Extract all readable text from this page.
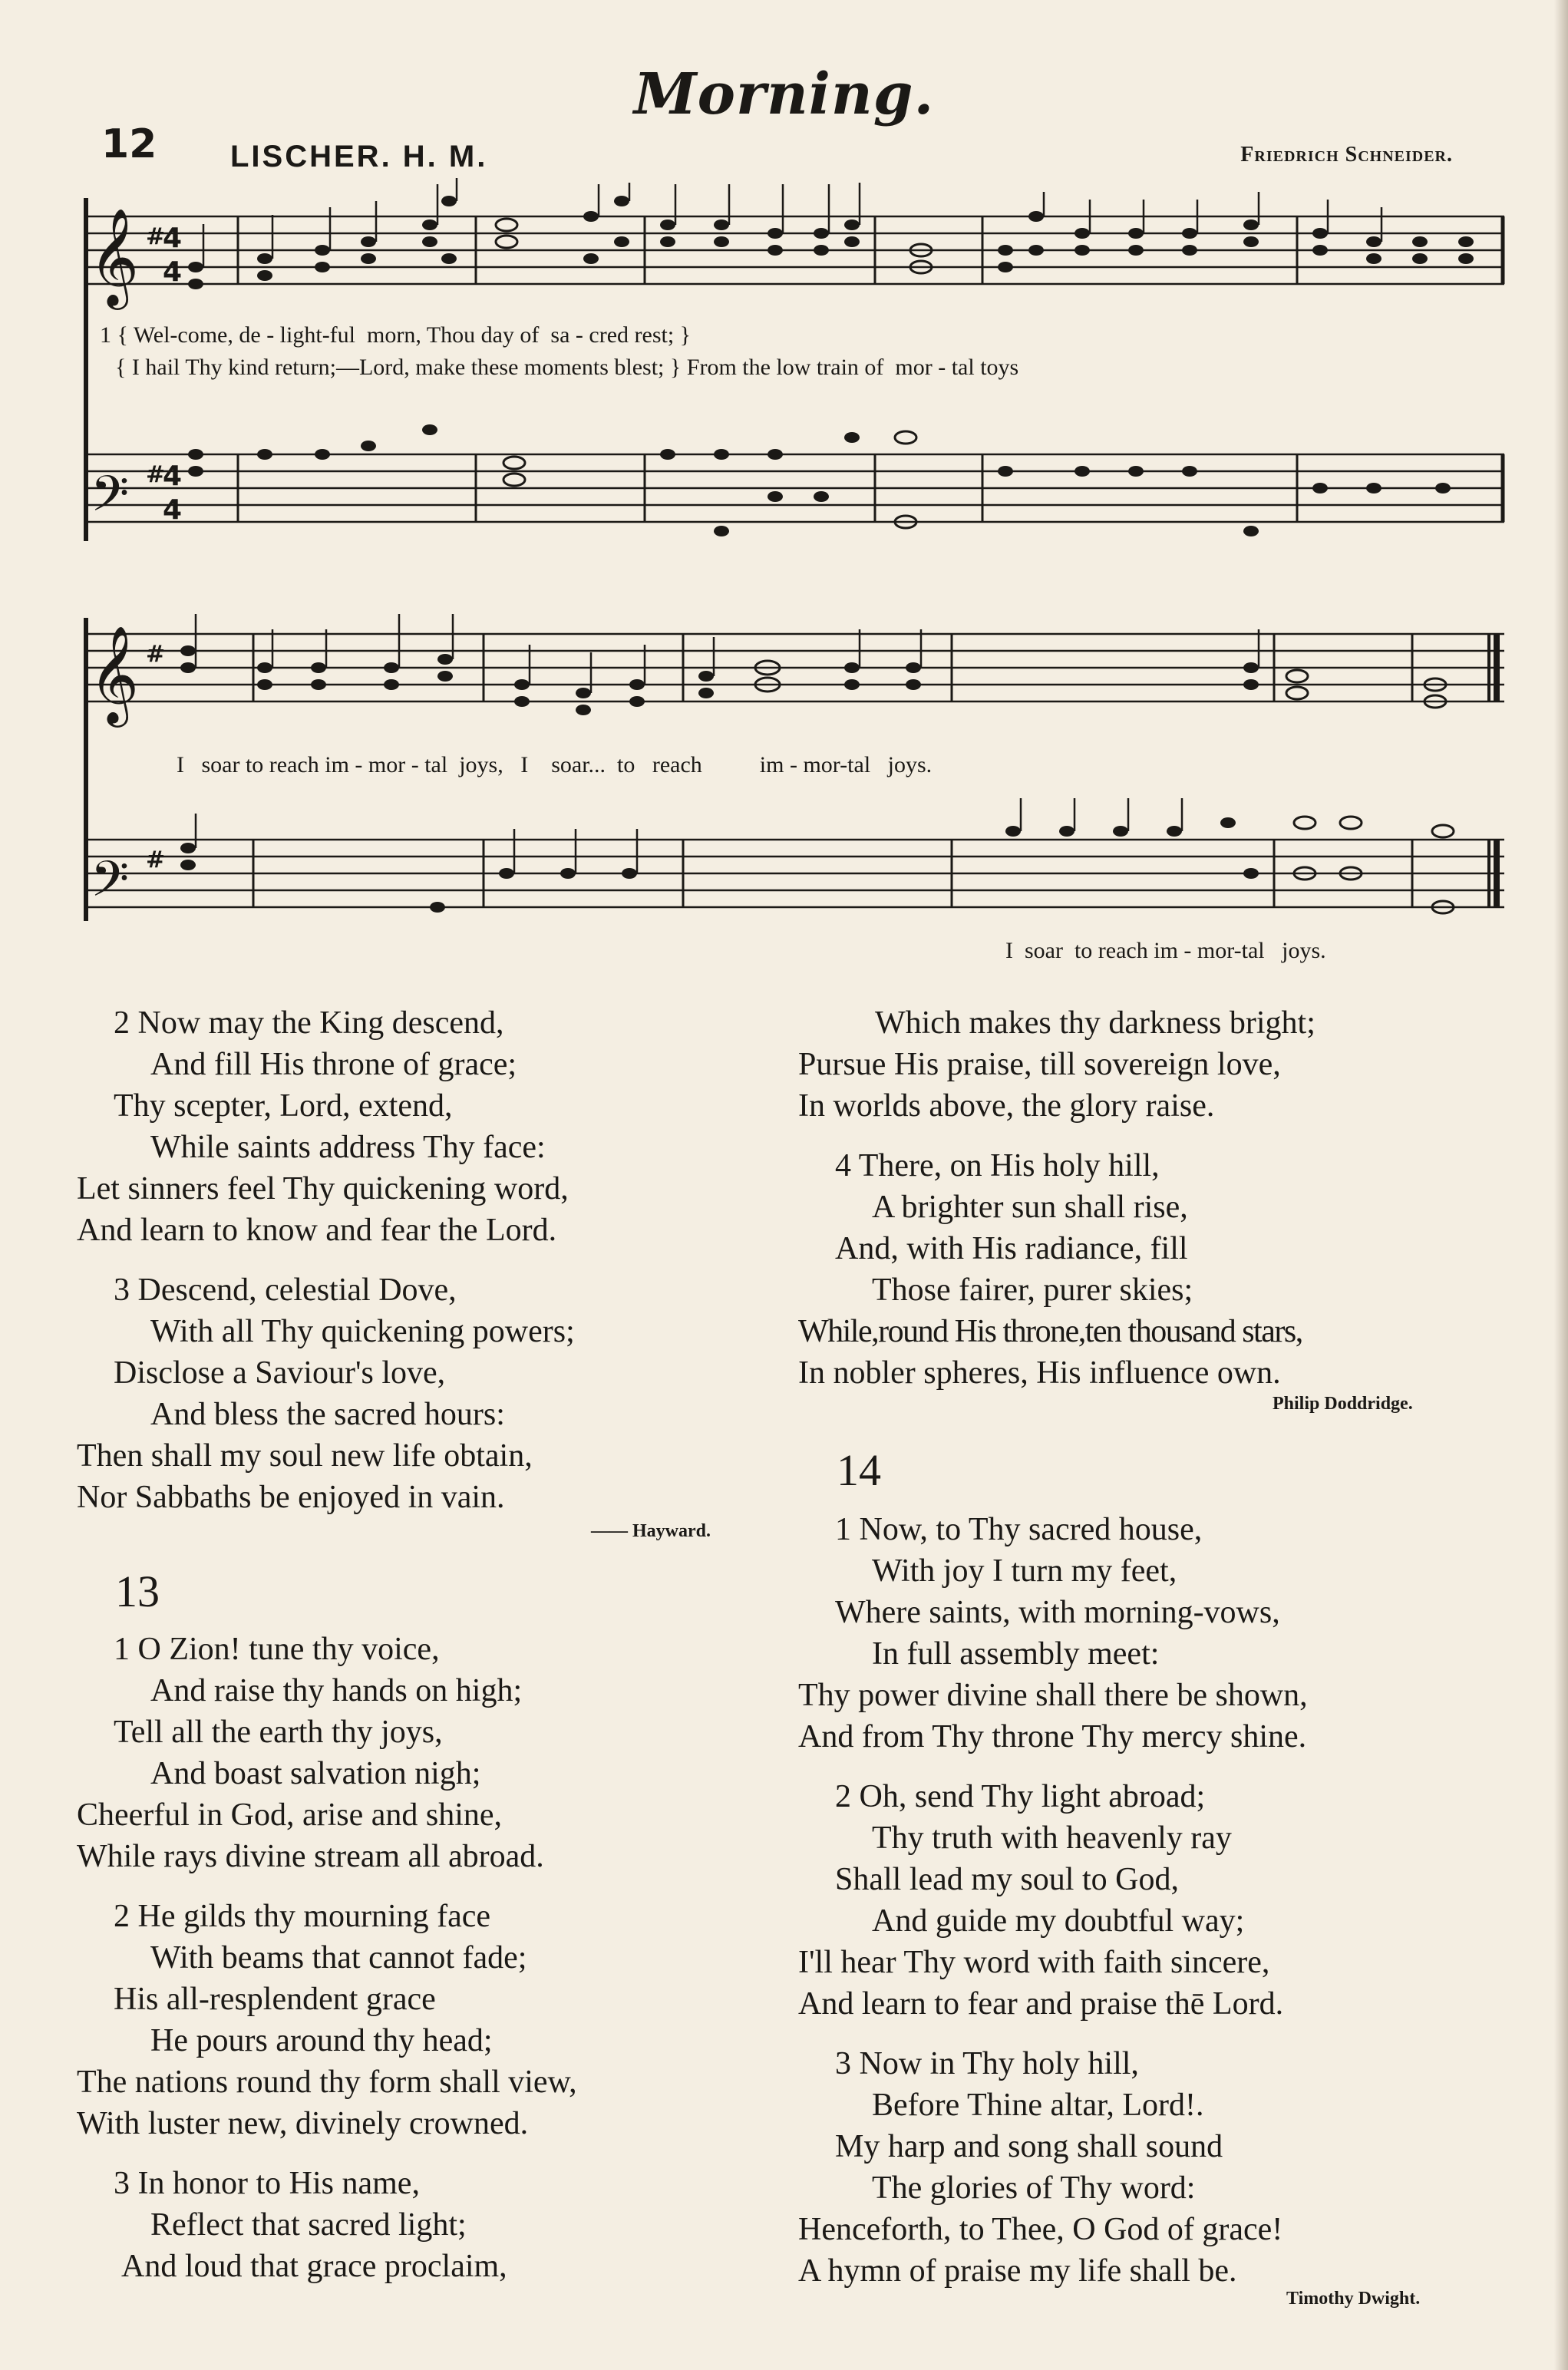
Morning.
12 LISCHER. H. M.	Friedrich Schneider.
𝄞
𝄞
𝄢
𝄢
#
#
#
#
4
4
4
4
1 { Wel-come, de - light-ful  morn, Thou day of  sa - cred rest; }
{ I hail Thy kind return;—Lord, make these moments blest; } From the low train of  mor - tal toys
I   soar to reach im - mor - tal  joys,   I    soar...  to   reach          im - mor-tal   joys.
I  soar  to reach im - mor-tal   joys.
2 Now may the King descend,
And fill His throne of grace;
Thy scepter, Lord, extend,
While saints address Thy face:
Let sinners feel Thy quickening word,
And learn to know and fear the Lord.
3 Descend, celestial Dove,
With all Thy quickening powers;
Disclose a Saviour's love,
And bless the sacred hours:
Then shall my soul new life obtain,
Nor Sabbaths be enjoyed in vain.
—— Hayward.
13
1 O Zion! tune thy voice,
And raise thy hands on high;
Tell all the earth thy joys,
And boast salvation nigh;
Cheerful in God, arise and shine,
While rays divine stream all abroad.
2 He gilds thy mourning face
With beams that cannot fade;
His all-resplendent grace
He pours around thy head;
The nations round thy form shall view,
With luster new, divinely crowned.
3 In honor to His name,
Reflect that sacred light;
And loud that grace proclaim,
Which makes thy darkness bright;
Pursue His praise, till sovereign love,
In worlds above, the glory raise.
4 There, on His holy hill,
A brighter sun shall rise,
And, with His radiance, fill
Those fairer, purer skies;
While,round His throne,ten thousand stars,
In nobler spheres, His influence own.
Philip Doddridge.
14
1 Now, to Thy sacred house,
With joy I turn my feet,
Where saints, with morning-vows,
In full assembly meet:
Thy power divine shall there be shown,
And from Thy throne Thy mercy shine.
2 Oh, send Thy light abroad;
Thy truth with heavenly ray
Shall lead my soul to God,
And guide my doubtful way;
I'll hear Thy word with faith sincere,
And learn to fear and praise thē Lord.
3 Now in Thy holy hill,
Before Thine altar, Lord!.
My harp and song shall sound
The glories of Thy word:
Henceforth, to Thee, O God of grace!
A hymn of praise my life shall be.
Timothy Dwight.
